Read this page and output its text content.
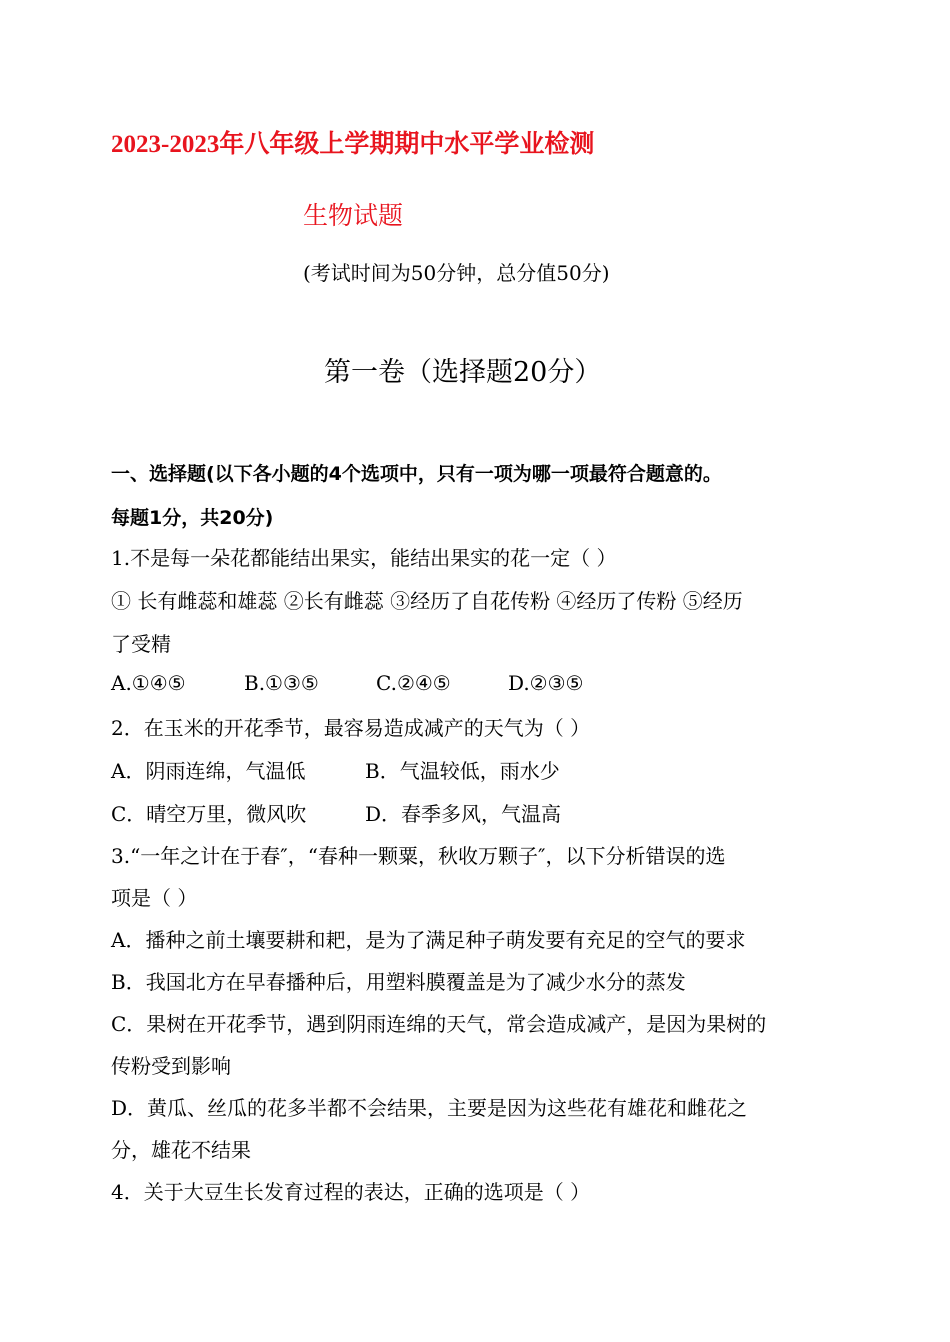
2023-2023年八年级上学期期中水平学业检测
生物试题
(考试时间为50分钟，总分值50分)
第一卷（选择题20分）
一、选择题(以下各小题的4个选项中，只有一项为哪一项最符合题意的。
每题1分，共20分)
1.不是每一朵花都能结出果实，能结出果实的花一定（ ）
① 长有雌蕊和雄蕊 ②长有雌蕊 ③经历了自花传粉 ④经历了传粉 ⑤经历
了受精
A.①④⑤	B.①③⑤	C.②④⑤	D.②③⑤
2．在玉米的开花季节，最容易造成减产的天气为（ ）
A．阴雨连绵，气温低	B．气温较低，雨水少
C．晴空万里，微风吹	D．春季多风，气温高
3.“一年之计在于春″，“春种一颗粟，秋收万颗子″，以下分析错误的选
项是（ ）
A．播种之前土壤要耕和耙，是为了满足种子萌发要有充足的空气的要求
B．我国北方在早春播种后，用塑料膜覆盖是为了减少水分的蒸发
C．果树在开花季节，遇到阴雨连绵的天气，常会造成减产，是因为果树的
传粉受到影响
D．黄瓜、丝瓜的花多半都不会结果，主要是因为这些花有雄花和雌花之
分，雄花不结果
4．关于大豆生长发育过程的表达，正确的选项是（ ）
